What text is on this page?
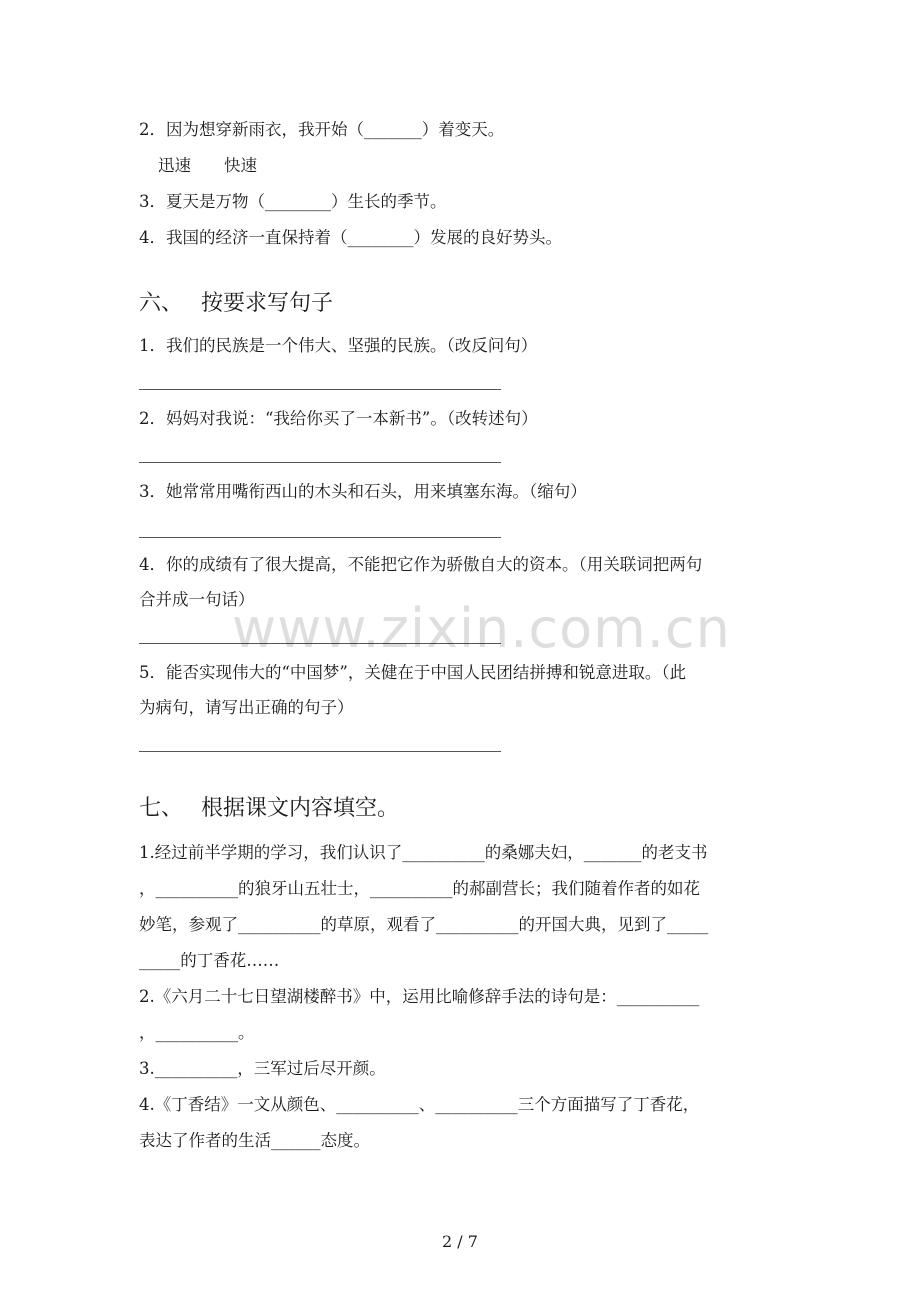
2．因为想穿新雨衣，我开始（_______）着变天。
迅速　　快速
3．夏天是万物（________）生长的季节。
4．我国的经济一直保持着（________）发展的良好势头。
六、 按要求写句子
1．我们的民族是一个伟大、坚强的民族。（改反问句）
2．妈妈对我说：“我给你买了一本新书”。（改转述句）
3．她常常用嘴衔西山的木头和石头，用来填塞东海。（缩句）
4．你的成绩有了很大提高，不能把它作为骄傲自大的资本。（用关联词把两句
合并成一句话）
5．能否实现伟大的“中国梦”，关健在于中国人民团结拼搏和锐意进取。（此
为病句，请写出正确的句子）
七、 根据课文内容填空。
1.经过前半学期的学习，我们认识了__________的桑娜夫妇，_______的老支书
，__________的狼牙山五壮士，__________的郝副营长；我们随着作者的如花
妙笔，参观了__________的草原，观看了__________的开国大典，见到了_____
_____的丁香花……
2.《六月二十七日望湖楼醉书》中，运用比喻修辞手法的诗句是：__________
，__________。
3.__________，三军过后尽开颜。
4.《丁香结》一文从颜色、__________、__________三个方面描写了丁香花，
表达了作者的生活______态度。
www.zixin.com.cn
2 / 7
